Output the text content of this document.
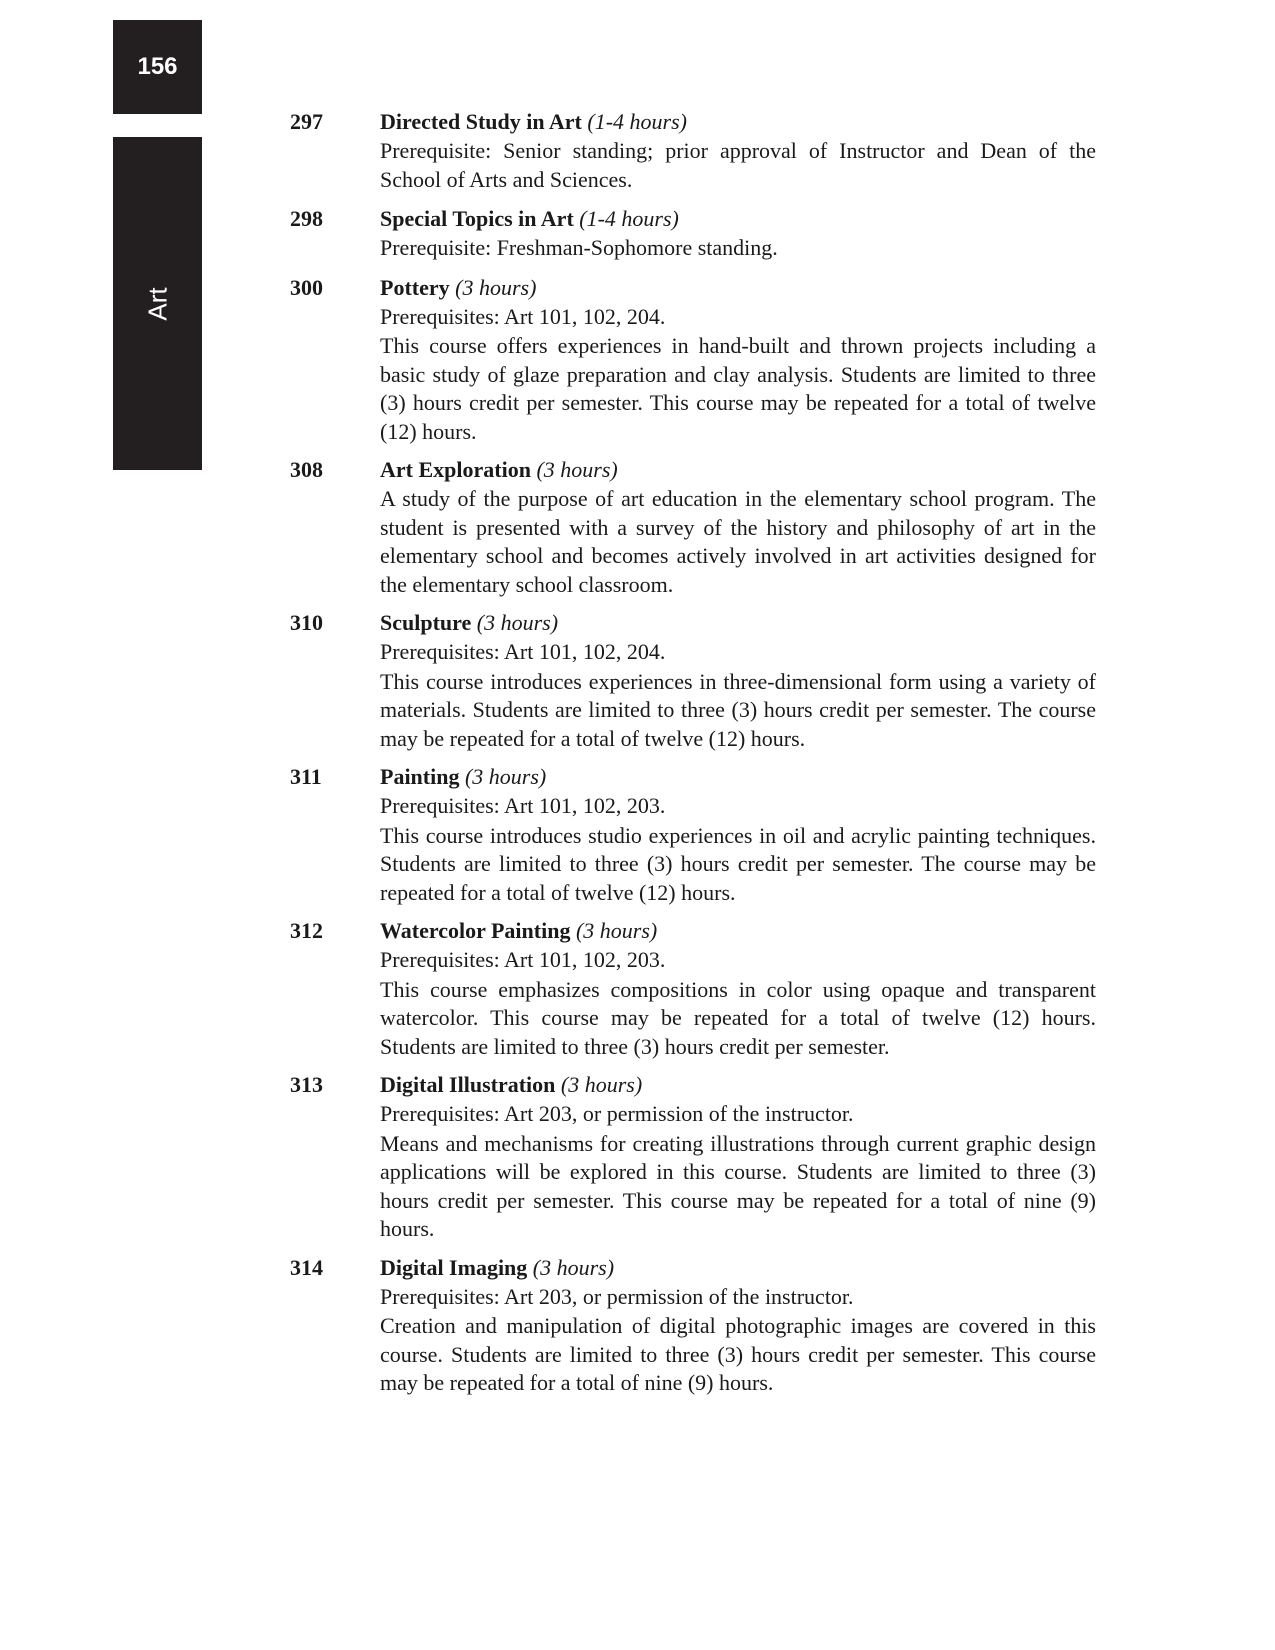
156
Art
297	Directed Study in Art (1-4 hours)

Prerequisite: Senior standing; prior approval of Instructor and Dean of the School of Arts and Sciences.

298	Special Topics in Art (1-4 hours)

Prerequisite: Freshman-Sophomore standing.

300	Pottery (3 hours)

Prerequisites: Art 101, 102, 204.

This course offers experiences in hand-built and thrown projects including a basic study of glaze preparation and clay analysis. Students are limited to three (3) hours credit per semester. This course may be repeated for a total of twelve (12) hours.

308	Art Exploration (3 hours)

A study of the purpose of art education in the elementary school program. The student is presented with a survey of the history and philosophy of art in the elementary school and becomes actively involved in art activities designed for the elementary school classroom.

310	Sculpture (3 hours)

Prerequisites: Art 101, 102, 204.

This course introduces experiences in three-dimensional form using a variety of materials. Students are limited to three (3) hours credit per semester. The course may be repeated for a total of twelve (12) hours.

311	Painting (3 hours)

Prerequisites: Art 101, 102, 203.

This course introduces studio experiences in oil and acrylic painting techniques. Students are limited to three (3) hours credit per semester. The course may be repeated for a total of twelve (12) hours.

312	Watercolor Painting (3 hours)

Prerequisites: Art 101, 102, 203.

This course emphasizes compositions in color using opaque and transparent watercolor. This course may be repeated for a total of twelve (12) hours. Students are limited to three (3) hours credit per semester.

313	Digital Illustration (3 hours)

Prerequisites: Art 203, or permission of the instructor.

Means and mechanisms for creating illustrations through current graphic design applications will be explored in this course. Students are limited to three (3) hours credit per semester. This course may be repeated for a total of nine (9) hours.

314	Digital Imaging (3 hours)

Prerequisites: Art 203, or permission of the instructor.

Creation and manipulation of digital photographic images are covered in this course. Students are limited to three (3) hours credit per semester. This course may be repeated for a total of nine (9) hours.
